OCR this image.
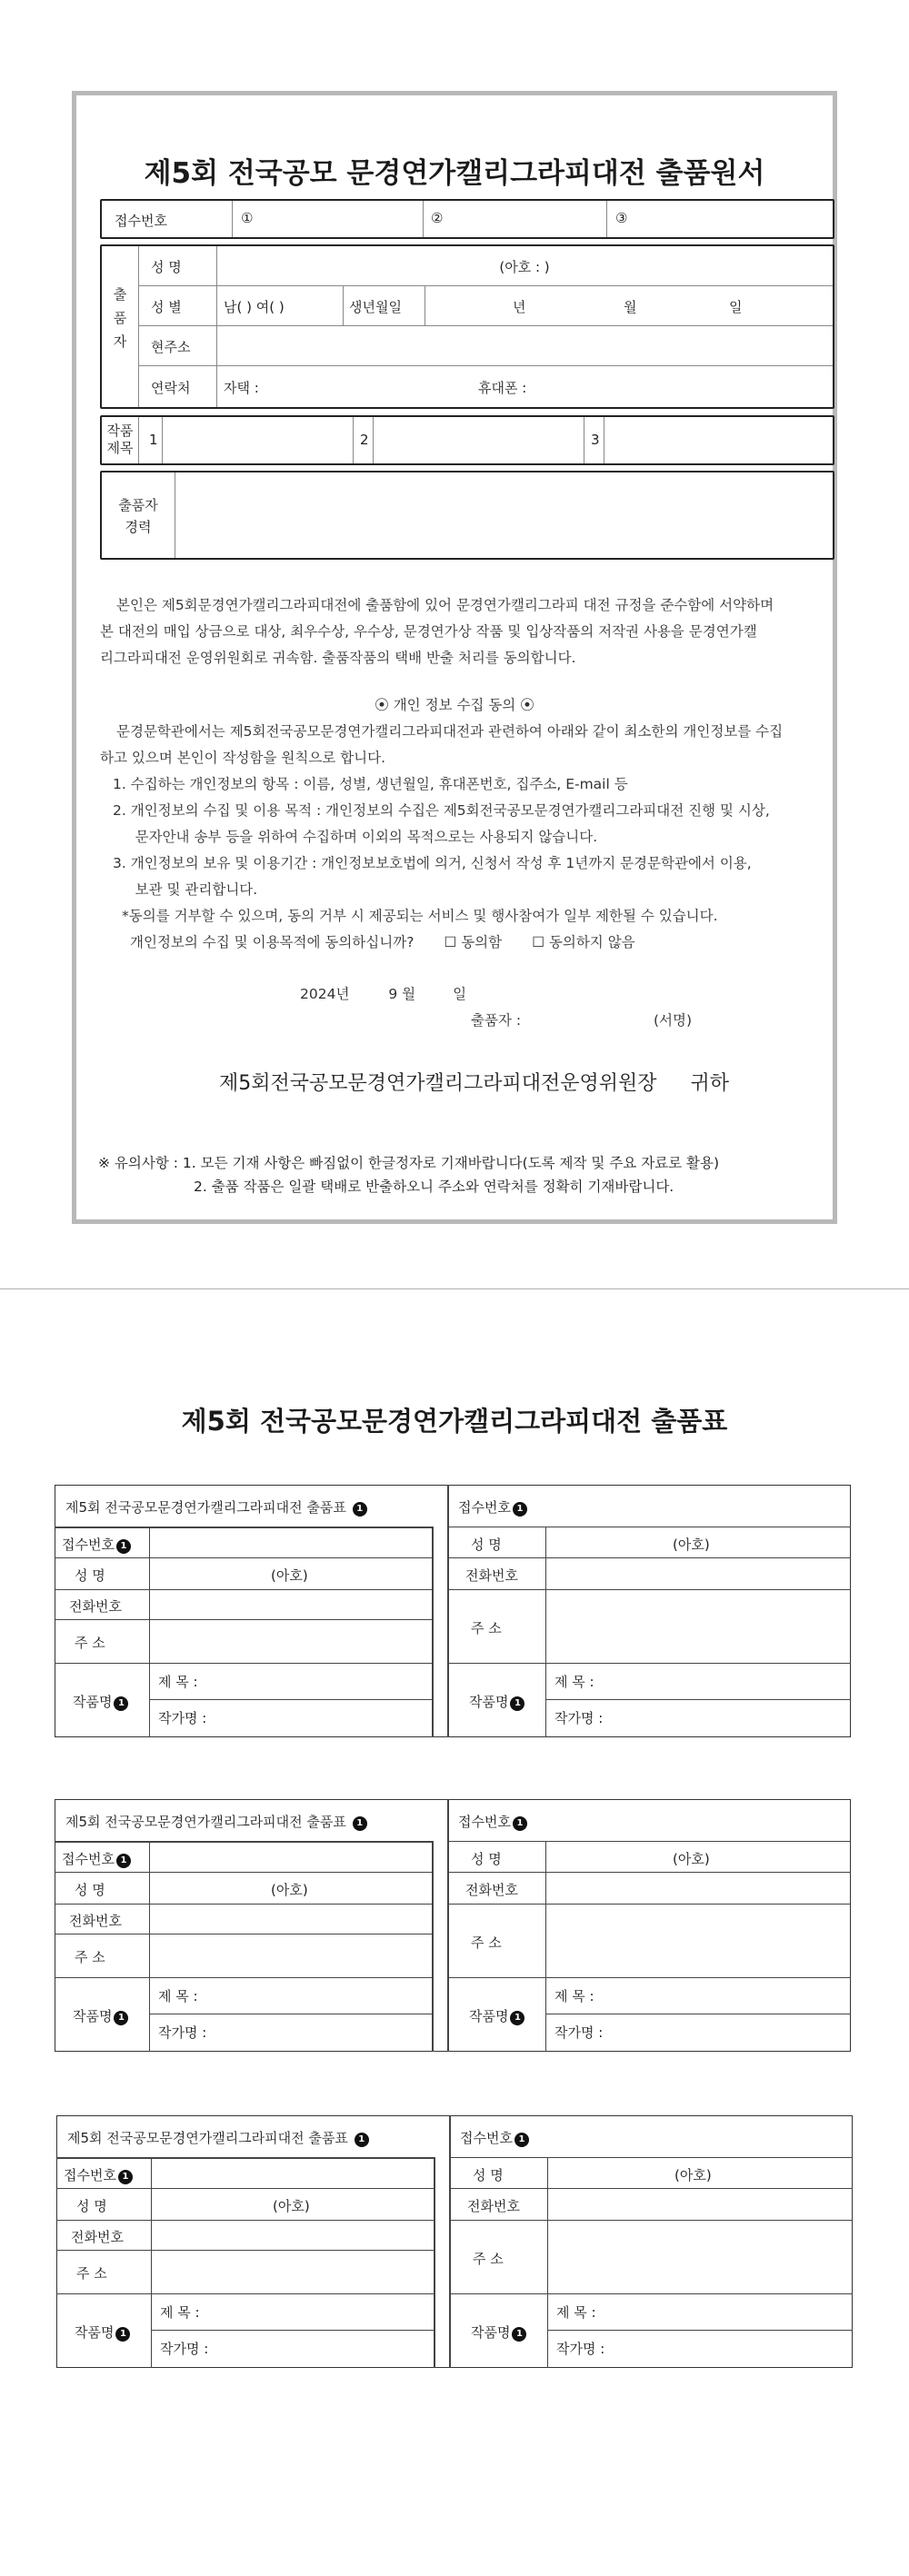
제5회 전국공모 문경연가캘리그라피대전 출품원서
접수번호	①	②	③
출
품
자
성 명	(아호 : )
성 별	남( ) 여( )	생년월일	년	월	일
현주소
연락처 자택 :	휴대폰 :
작품
제목	1	2	3
출품자
경력
본인은 제5회문경연가캘리그라피대전에 출품함에 있어 문경연가캘리그라피 대전 규정을 준수함에 서약하며
본 대전의 매입 상금으로 대상, 최우수상, 우수상, 문경연가상 작품 및 입상작품의 저작권 사용을 문경연가캘
리그라피대전 운영위원회로 귀속함. 출품작품의 택배 반출 처리를 동의합니다.
⦿ 개인 정보 수집 동의 ⦿
문경문학관에서는 제5회전국공모문경연가캘리그라피대전과 관련하여 아래와 같이 최소한의 개인정보를 수집
하고 있으며 본인이 작성함을 원칙으로 합니다.
1. 수집하는 개인정보의 항목 : 이름, 성별, 생년월일, 휴대폰번호, 집주소, E-mail 등
2. 개인정보의 수집 및 이용 목적 : 개인정보의 수집은 제5회전국공모문경연가캘리그라피대전 진행 및 시상,
문자안내 송부 등을 위하여 수집하며 이외의 목적으로는 사용되지 않습니다.
3. 개인정보의 보유 및 이용기간 : 개인정보보호법에 의거, 신청서 작성 후 1년까지 문경문학관에서 이용,
보관 및 관리합니다.
*동의를 거부할 수 있으며, 동의 거부 시 제공되는 서비스 및 행사참여가 일부 제한될 수 있습니다.
개인정보의 수집 및 이용목적에 동의하십니까? ☐ 동의함 ☐ 동의하지 않음
2024년	9 월	일
출품자 :	(서명)
제5회전국공모문경연가캘리그라피대전운영위원장 귀하
※ 유의사항 : 1. 모든 기재 사항은 빠짐없이 한글정자로 기재바랍니다(도록 제작 및 주요 자료로 활용)
2. 출품 작품은 일괄 택배로 반출하오니 주소와 연락처를 정확히 기재바랍니다.
제5회 전국공모문경연가캘리그라피대전 출품표
제5회 전국공모문경연가캘리그라피대전 출품표 1
접수번호 1
성 명	(아호)
전화번호
주 소
작품명 1
제 목 :
작가명 :
접수번호 1
성 명	(아호)
전화번호
주 소
작품명 1
제 목 :
작가명 :
제5회 전국공모문경연가캘리그라피대전 출품표 1
접수번호 1
성 명	(아호)
전화번호
주 소
작품명 1
제 목 :
작가명 :
접수번호 1
성 명	(아호)
전화번호
주 소
작품명 1
제 목 :
작가명 :
제5회 전국공모문경연가캘리그라피대전 출품표 1
접수번호 1
성 명	(아호)
전화번호
주 소
작품명 1
제 목 :
작가명 :
접수번호 1
성 명	(아호)
전화번호
주 소
작품명 1
제 목 :
작가명 :
